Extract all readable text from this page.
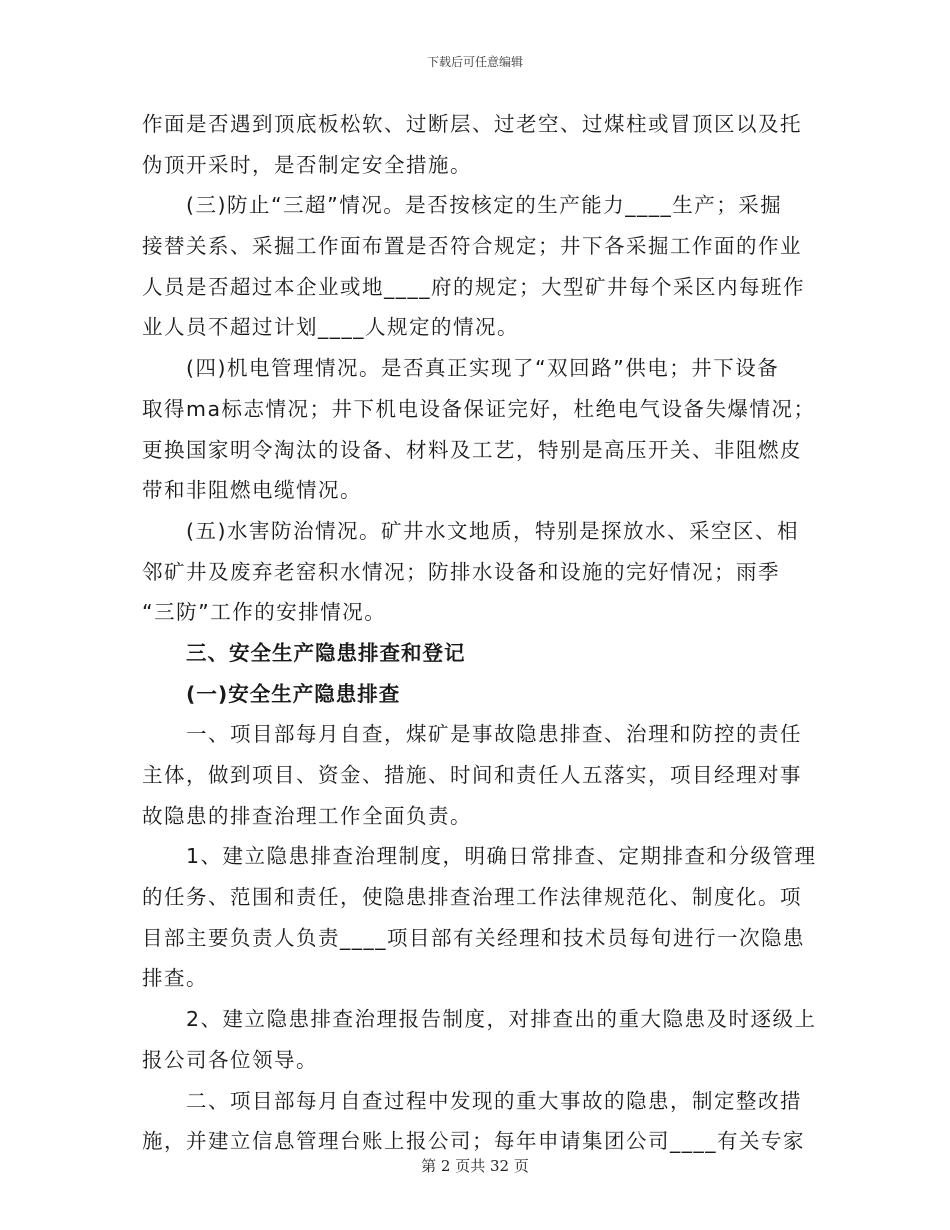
下载后可任意编辑
作面是否遇到顶底板松软、过断层、过老空、过煤柱或冒顶区以及托
伪顶开采时，是否制定安全措施。
(三)防止“三超”情况。是否按核定的生产能力____生产；采掘
接替关系、采掘工作面布置是否符合规定；井下各采掘工作面的作业
人员是否超过本企业或地____府的规定；大型矿井每个采区内每班作
业人员不超过计划____人规定的情况。
(四)机电管理情况。是否真正实现了“双回路”供电；井下设备
取得ma标志情况；井下机电设备保证完好，杜绝电气设备失爆情况；
更换国家明令淘汰的设备、材料及工艺，特别是高压开关、非阻燃皮
带和非阻燃电缆情况。
(五)水害防治情况。矿井水文地质，特别是探放水、采空区、相
邻矿井及废弃老窑积水情况；防排水设备和设施的完好情况；雨季
“三防”工作的安排情况。
三、安全生产隐患排查和登记
(一)安全生产隐患排查
一、项目部每月自查，煤矿是事故隐患排查、治理和防控的责任
主体，做到项目、资金、措施、时间和责任人五落实，项目经理对事
故隐患的排查治理工作全面负责。
1、建立隐患排查治理制度，明确日常排查、定期排查和分级管理
的任务、范围和责任，使隐患排查治理工作法律规范化、制度化。项
目部主要负责人负责____项目部有关经理和技术员每旬进行一次隐患
排查。
2、建立隐患排查治理报告制度，对排查出的重大隐患及时逐级上
报公司各位领导。
二、项目部每月自查过程中发现的重大事故的隐患，制定整改措
施，并建立信息管理台账上报公司；每年申请集团公司____有关专家
第 2 页共 32 页
